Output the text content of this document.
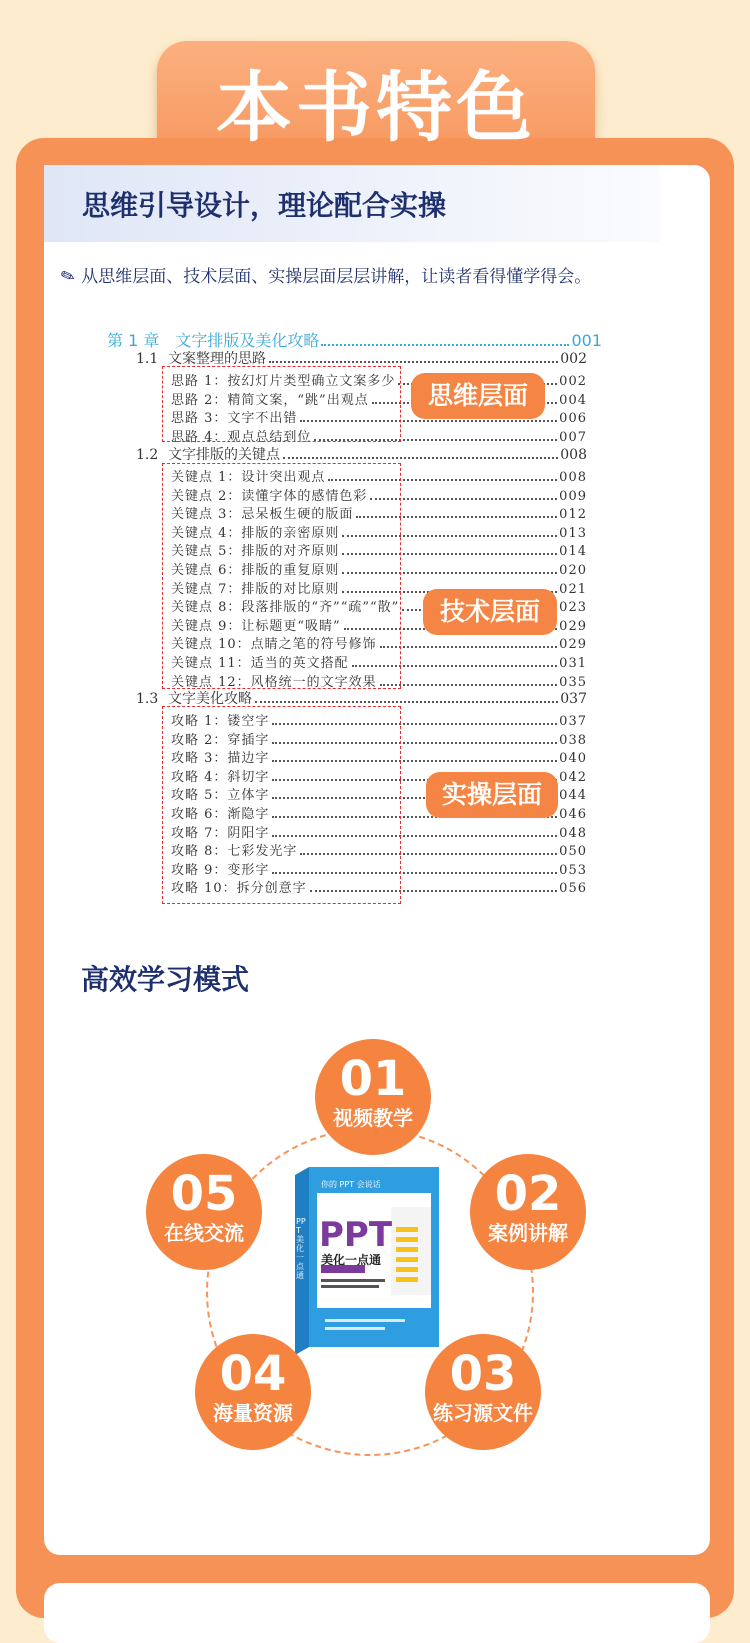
本书特色
思维引导设计，理论配合实操
✎ 从思维层面、技术层面、实操层面层层讲解，让读者看得懂学得会。
第 1 章　文字排版及美化攻略	001
1.1 文案整理的思路	002
思路 1：按幻灯片类型确立文案多少	002
思路 2：精简文案，“跳”出观点	004
思路 3：文字不出错	006
思路 4：观点总结到位	007
1.2 文字排版的关键点	008
关键点 1：设计突出观点	008
关键点 2：读懂字体的感情色彩	009
关键点 3：忌呆板生硬的版面	012
关键点 4：排版的亲密原则	013
关键点 5：排版的对齐原则	014
关键点 6：排版的重复原则	020
关键点 7：排版的对比原则	021
关键点 8：段落排版的“齐”“疏”“散”	023
关键点 9：让标题更“吸睛”	029
关键点 10：点睛之笔的符号修饰	029
关键点 11：适当的英文搭配	031
关键点 12：风格统一的文字效果	035
1.3 文字美化攻略	037
攻略 1：镂空字	037
攻略 2：穿插字	038
攻略 3：描边字	040
攻略 4：斜切字	042
攻略 5：立体字	044
攻略 6：渐隐字	046
攻略 7：阴阳字	048
攻略 8：七彩发光字	050
攻略 9：变形字	053
攻略 10：拆分创意字	056
思维层面
技术层面
实操层面
高效学习模式
你的 PPT 会说话
PPT
美化一点通
PPT 美化一点通
01
视频教学
02
案例讲解
03
练习源文件
04
海量资源
05
在线交流
